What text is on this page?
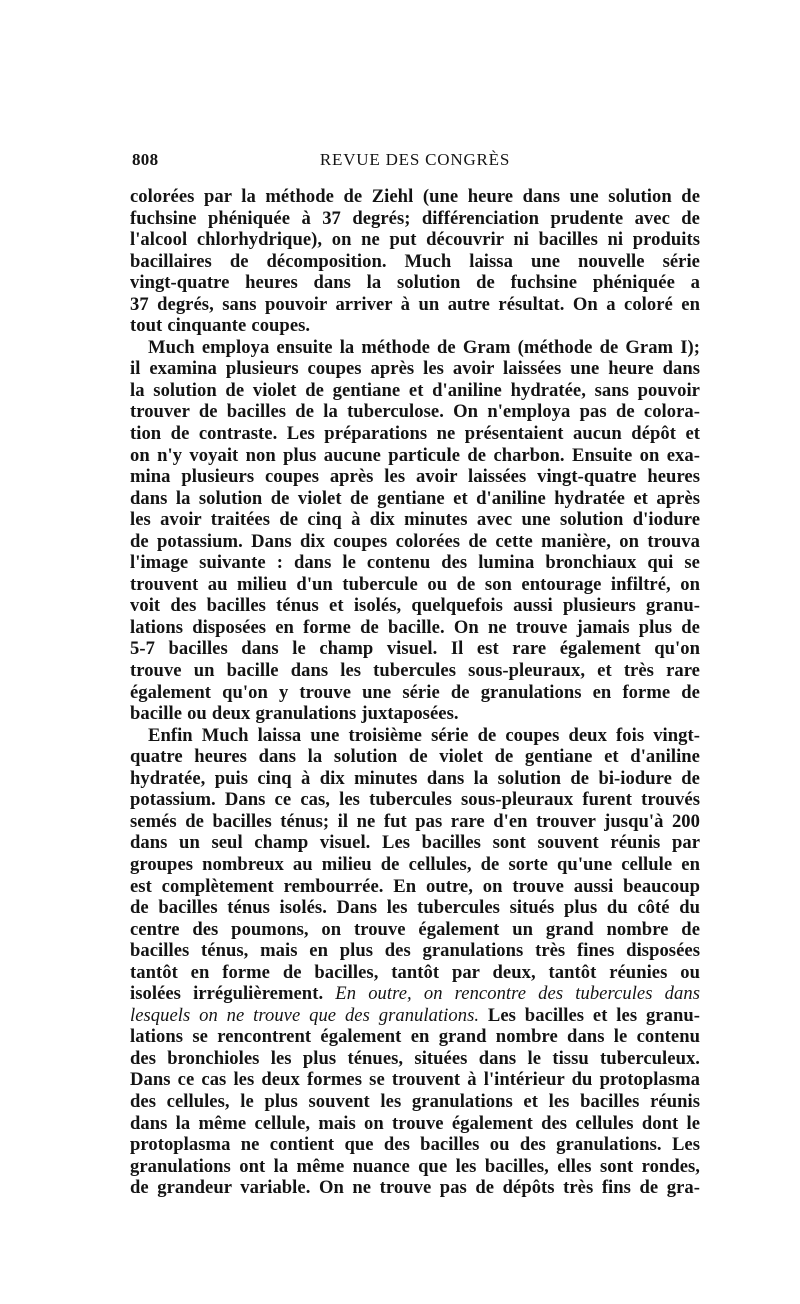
808	REVUE DES CONGRÈS

colorées par la méthode de Ziehl (une heure dans une solution de
fuchsine phéniquée à 37 degrés; différenciation prudente avec de
l'alcool chlorhydrique), on ne put découvrir ni bacilles ni produits
bacillaires de décomposition. Much laissa une nouvelle série
vingt-quatre heures dans la solution de fuchsine phéniquée a
37 degrés, sans pouvoir arriver à un autre résultat. On a coloré en
tout cinquante coupes.

Much employa ensuite la méthode de Gram (méthode de Gram I);
il examina plusieurs coupes après les avoir laissées une heure dans
la solution de violet de gentiane et d'aniline hydratée, sans pouvoir
trouver de bacilles de la tuberculose. On n'employa pas de colora-
tion de contraste. Les préparations ne présentaient aucun dépôt et
on n'y voyait non plus aucune particule de charbon. Ensuite on exa-
mina plusieurs coupes après les avoir laissées vingt-quatre heures
dans la solution de violet de gentiane et d'aniline hydratée et après
les avoir traitées de cinq à dix minutes avec une solution d'iodure
de potassium. Dans dix coupes colorées de cette manière, on trouva
l'image suivante : dans le contenu des lumina bronchiaux qui se
trouvent au milieu d'un tubercule ou de son entourage infiltré, on
voit des bacilles ténus et isolés, quelquefois aussi plusieurs granu-
lations disposées en forme de bacille. On ne trouve jamais plus de
5-7 bacilles dans le champ visuel. Il est rare également qu'on
trouve un bacille dans les tubercules sous-pleuraux, et très rare
également qu'on y trouve une série de granulations en forme de
bacille ou deux granulations juxtaposées.

Enfin Much laissa une troisième série de coupes deux fois vingt-
quatre heures dans la solution de violet de gentiane et d'aniline
hydratée, puis cinq à dix minutes dans la solution de bi-iodure de
potassium. Dans ce cas, les tubercules sous-pleuraux furent trouvés
semés de bacilles ténus; il ne fut pas rare d'en trouver jusqu'à 200
dans un seul champ visuel. Les bacilles sont souvent réunis par
groupes nombreux au milieu de cellules, de sorte qu'une cellule en
est complètement rembourrée. En outre, on trouve aussi beaucoup
de bacilles ténus isolés. Dans les tubercules situés plus du côté du
centre des poumons, on trouve également un grand nombre de
bacilles ténus, mais en plus des granulations très fines disposées
tantôt en forme de bacilles, tantôt par deux, tantôt réunies ou
isolées irrégulièrement. En outre, on rencontre des tubercules dans
lesquels on ne trouve que des granulations. Les bacilles et les granu-
lations se rencontrent également en grand nombre dans le contenu
des bronchioles les plus ténues, situées dans le tissu tuberculeux.
Dans ce cas les deux formes se trouvent à l'intérieur du protoplasma
des cellules, le plus souvent les granulations et les bacilles réunis
dans la même cellule, mais on trouve également des cellules dont le
protoplasma ne contient que des bacilles ou des granulations. Les
granulations ont la même nuance que les bacilles, elles sont rondes,
de grandeur variable. On ne trouve pas de dépôts très fins de gra-
